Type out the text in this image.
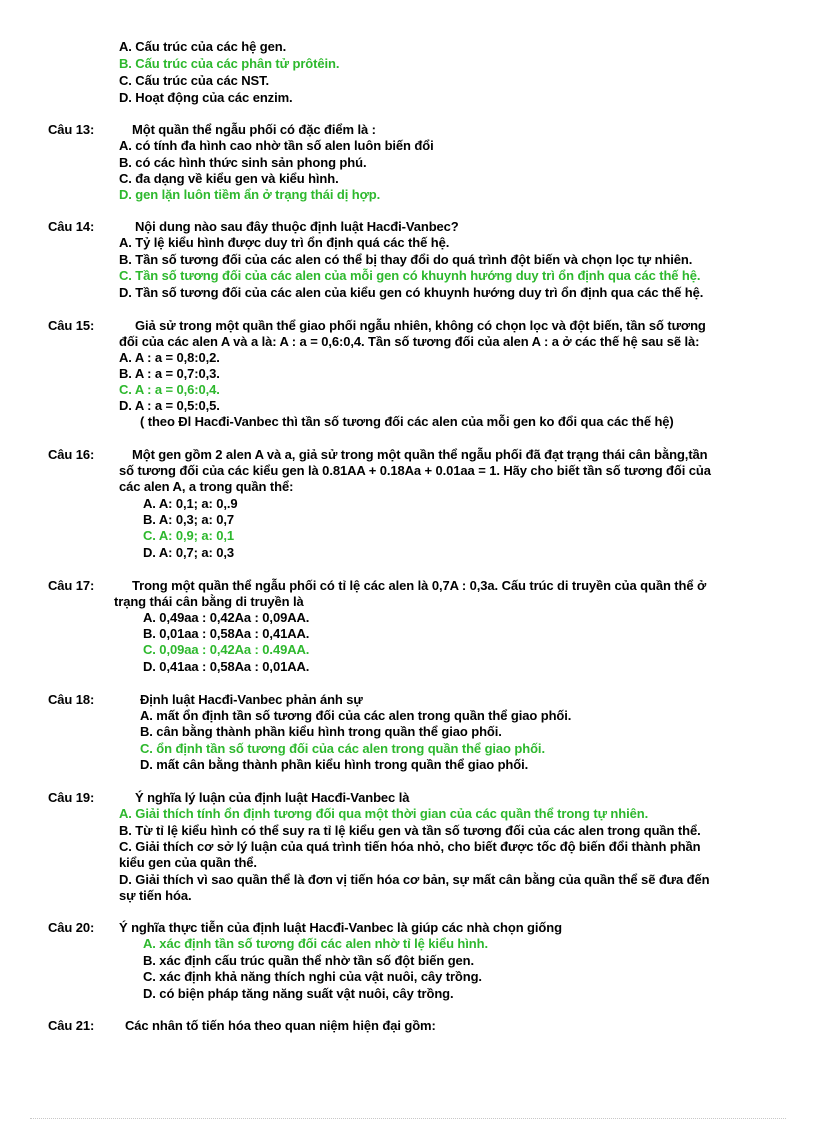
A. Cấu trúc của các hệ gen.
B. Cấu trúc của các phân tử prôtêin.
C. Cấu trúc của các NST.
D. Hoạt động của các enzim.
Câu 13:	Một quần thể ngẫu phối có đặc điểm là :
A. có tính đa hình cao nhờ tần số alen luôn biến đổi
B. có các hình thức sinh sản phong phú.
C. đa dạng về kiểu gen và kiểu hình.
D. gen lặn luôn tiềm ẩn ở trạng thái dị hợp.
Câu 14:	Nội dung nào sau đây thuộc định luật Hacđi-Vanbec?
A. Tỷ lệ kiểu hình được duy trì ổn định quá các thế hệ.
B. Tần số tương đối của các alen có thể bị thay đổi do quá trình đột biến và chọn lọc tự nhiên.
C. Tần số tương đối của các alen của mỗi gen có khuynh hướng duy trì ổn định qua các thế hệ.
D. Tần số tương đối của các alen của kiểu gen có khuynh hướng duy trì ổn định qua các thế hệ.
Câu 15:	Giả sử trong một quần thể giao phối ngẫu nhiên, không có chọn lọc và đột biến, tần số tương
đối của các alen A và a là: A : a = 0,6:0,4. Tần số tương đối của alen A : a ở các thế hệ sau sẽ là:
A. A : a = 0,8:0,2.
B. A : a = 0,7:0,3.
C. A : a = 0,6:0,4.
D. A : a = 0,5:0,5.
( theo Đl Hacđi-Vanbec thì tần số tương đối các alen của mỗi gen ko đổi qua các thế hệ)
Câu 16:	Một gen gồm 2 alen A và a, giả sử trong một quần thể ngẫu phối đã đạt trạng thái cân bằng,tần
số tương đối của các kiểu gen là 0.81AA + 0.18Aa + 0.01aa = 1. Hãy cho biết tần số tương đối của
các alen A, a trong quần thể:
A. A: 0,1; a: 0,.9
B. A: 0,3; a: 0,7
C. A: 0,9; a: 0,1
D. A: 0,7; a: 0,3
Câu 17:	Trong một quần thể ngẫu phối có tỉ lệ các alen là 0,7A : 0,3a. Cấu trúc di truyền của quần thể ở
trạng thái cân bằng di truyền là
A. 0,49aa : 0,42Aa : 0,09AA.
B. 0,01aa : 0,58Aa : 0,41AA.
C. 0,09aa : 0,42Aa : 0.49AA.
D. 0,41aa : 0,58Aa : 0,01AA.
Câu 18:	Định luật Hacđi-Vanbec phản ánh sự
A. mất ổn định tần số tương đối của các alen trong quần thể giao phối.
B. cân bằng thành phần kiểu hình trong quần thể giao phối.
C. ổn định tần số tương đối của các alen trong quần thể giao phối.
D. mất cân bằng thành phần kiểu hình trong quần thể giao phối.
Câu 19:	Ý nghĩa lý luận của định luật Hacđi-Vanbec là
A. Giải thích tính ổn định tương đối qua một thời gian của các quần thể trong tự nhiên.
B. Từ tỉ lệ kiểu hình có thể suy ra tỉ lệ kiểu gen và tần số tương đối của các alen trong quần thể.
C. Giải thích cơ sở lý luận của quá trình tiến hóa nhỏ, cho biết được tốc độ biến đổi thành phần
kiểu gen của quần thể.
D. Giải thích vì sao quần thể là đơn vị tiến hóa cơ bản, sự mất cân bằng của quần thể sẽ đưa đến
sự tiến hóa.
Câu 20: Ý nghĩa thực tiễn của định luật Hacđi-Vanbec là giúp các nhà chọn giống
A. xác định tần số tương đối các alen nhờ tỉ lệ kiểu hình.
B. xác định cấu trúc quần thể nhờ tần số đột biến gen.
C. xác định khả năng thích nghi của vật nuôi, cây trồng.
D. có biện pháp tăng năng suất vật nuôi, cây trồng.
Câu 21: Các nhân tố tiến hóa theo quan niệm hiện đại gồm:
